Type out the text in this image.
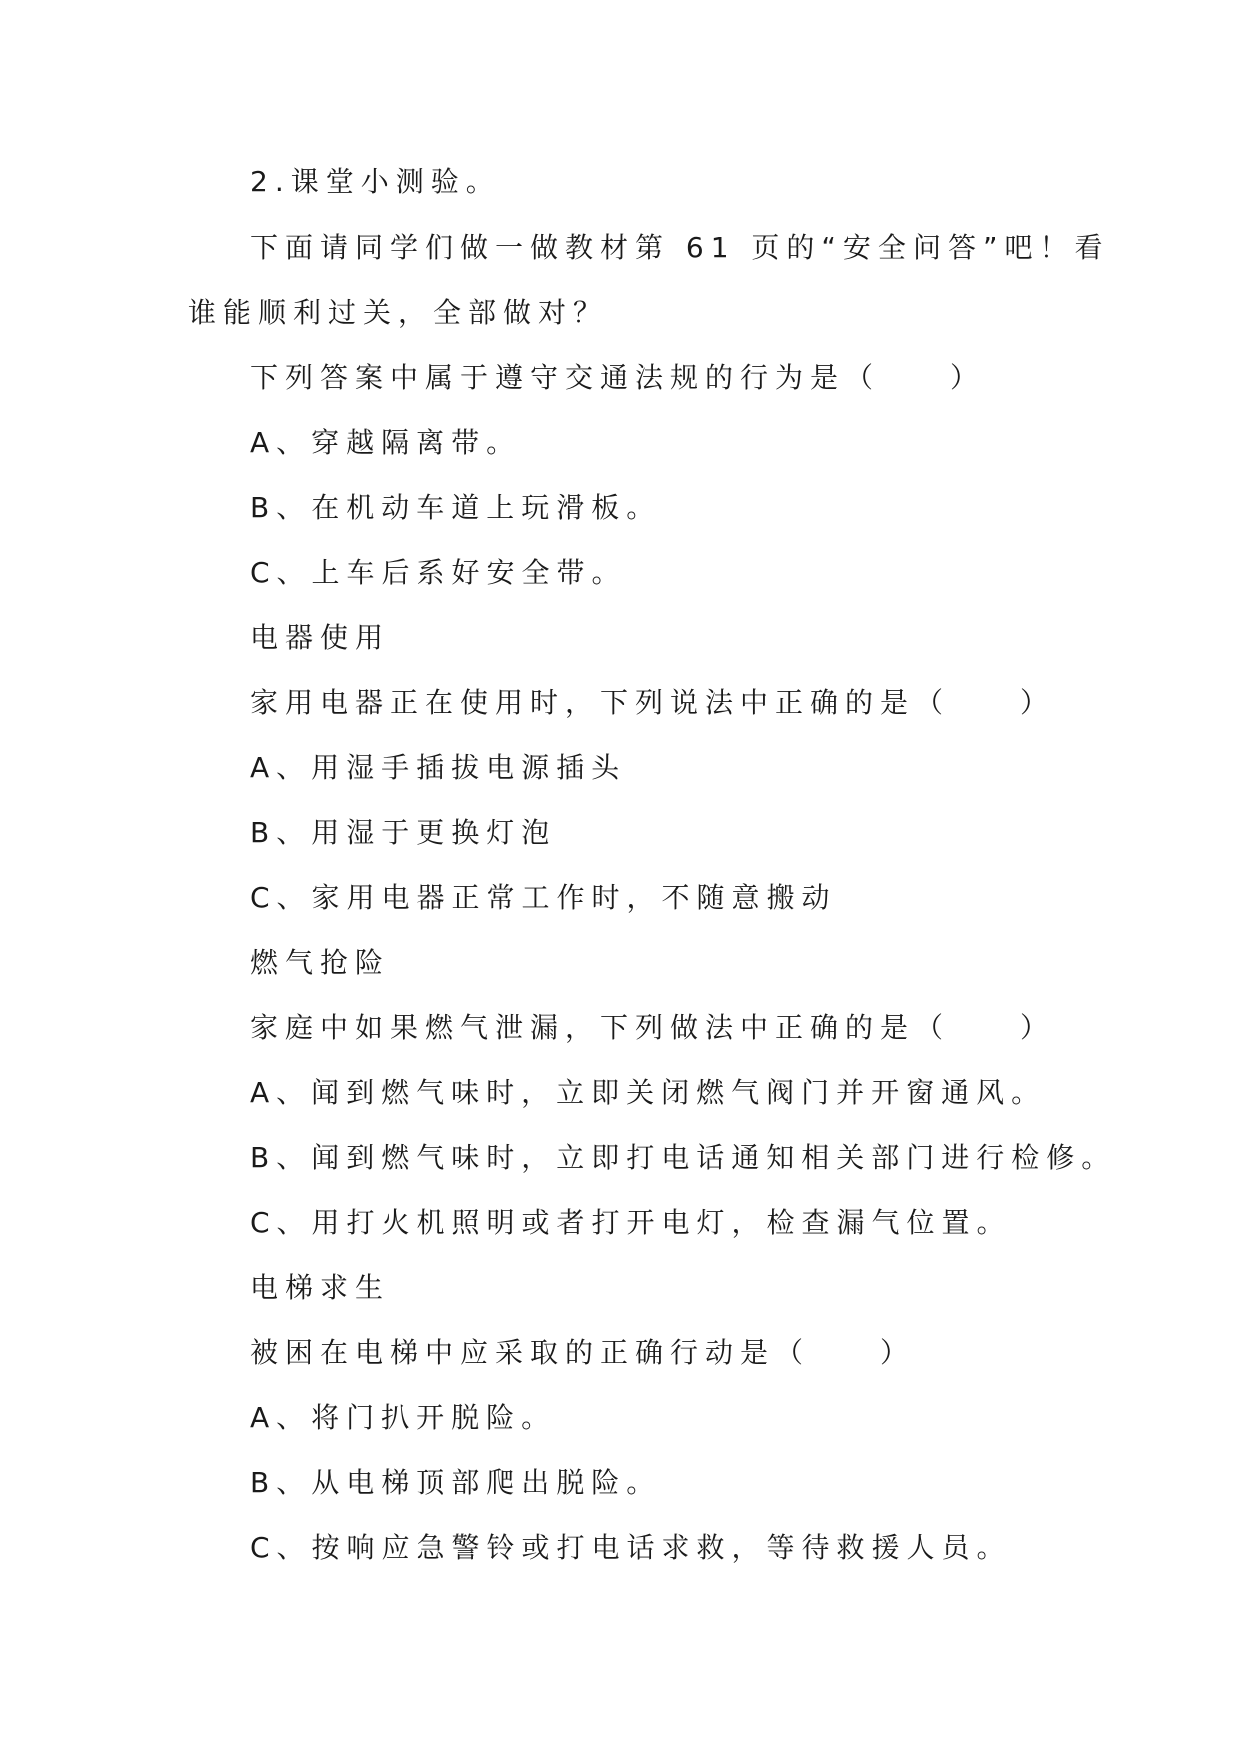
2.课堂小测验。
下面请同学们做一做教材第 61 页的“安全问答”吧！看
谁能顺利过关，全部做对？
下列答案中属于遵守交通法规的行为是（　　）
A、穿越隔离带。
B、在机动车道上玩滑板。
C、上车后系好安全带。
电器使用
家用电器正在使用时，下列说法中正确的是（　　）
A、用湿手插拔电源插头
B、用湿于更换灯泡
C、家用电器正常工作时，不随意搬动
燃气抢险
家庭中如果燃气泄漏，下列做法中正确的是（　　）
A、闻到燃气味时，立即关闭燃气阀门并开窗通风。
B、闻到燃气味时，立即打电话通知相关部门进行检修。
C、用打火机照明或者打开电灯，检查漏气位置。
电梯求生
被困在电梯中应采取的正确行动是（　　）
A、将门扒开脱险。
B、从电梯顶部爬出脱险。
C、按响应急警铃或打电话求救，等待救援人员。
